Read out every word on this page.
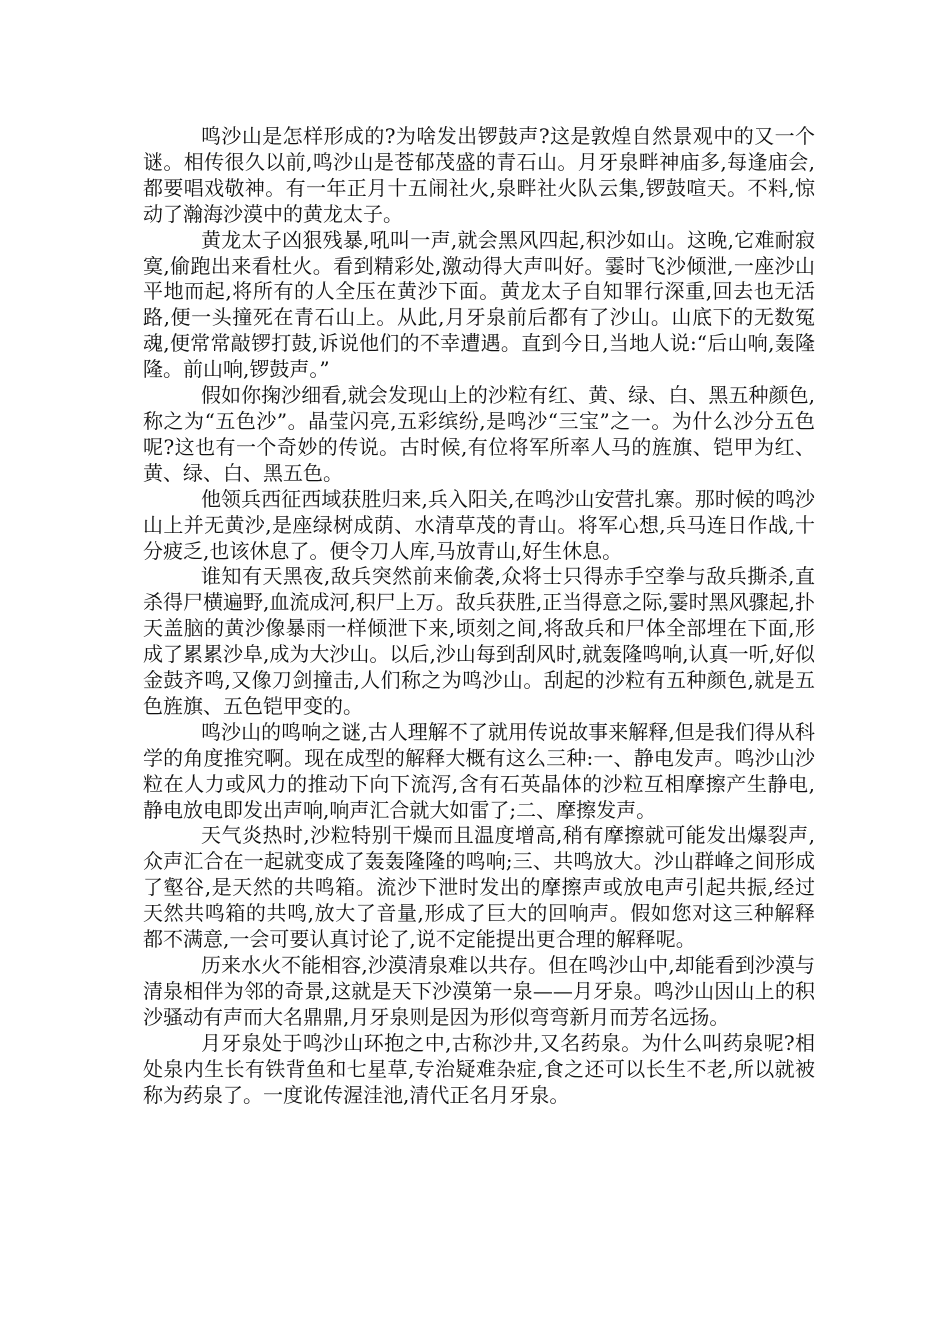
鸣沙山是怎样形成的?为啥发出锣鼓声?这是敦煌自然景观中的又一个谜。相传很久以前,鸣沙山是苍郁茂盛的青石山。月牙泉畔神庙多,每逢庙会,都要唱戏敬神。有一年正月十五闹社火,泉畔社火队云集,锣鼓喧天。不料,惊动了瀚海沙漠中的黄龙太子。

黄龙太子凶狠残暴,吼叫一声,就会黑风四起,积沙如山。这晚,它难耐寂寞,偷跑出来看杜火。看到精彩处,激动得大声叫好。霎时飞沙倾泄,一座沙山平地而起,将所有的人全压在黄沙下面。黄龙太子自知罪行深重,回去也无活路,便一头撞死在青石山上。从此,月牙泉前后都有了沙山。山底下的无数冤魂,便常常敲锣打鼓,诉说他们的不幸遭遇。直到今日,当地人说:“后山响,轰隆隆。前山响,锣鼓声。”

假如你掬沙细看,就会发现山上的沙粒有红、黄、绿、白、黑五种颜色,称之为“五色沙”。晶莹闪亮,五彩缤纷,是鸣沙“三宝”之一。为什么沙分五色呢?这也有一个奇妙的传说。古时候,有位将军所率人马的旌旗、铠甲为红、黄、绿、白、黑五色。

他领兵西征西域获胜归来,兵入阳关,在鸣沙山安营扎寨。那时候的鸣沙山上并无黄沙,是座绿树成荫、水清草茂的青山。将军心想,兵马连日作战,十分疲乏,也该休息了。便令刀人库,马放青山,好生休息。

谁知有天黑夜,敌兵突然前来偷袭,众将士只得赤手空拳与敌兵撕杀,直杀得尸横遍野,血流成河,积尸上万。敌兵获胜,正当得意之际,霎时黑风骤起,扑天盖脑的黄沙像暴雨一样倾泄下来,顷刻之间,将敌兵和尸体全部埋在下面,形成了累累沙阜,成为大沙山。以后,沙山每到刮风时,就轰隆鸣响,认真一听,好似金鼓齐鸣,又像刀剑撞击,人们称之为鸣沙山。刮起的沙粒有五种颜色,就是五色旌旗、五色铠甲变的。

鸣沙山的鸣响之谜,古人理解不了就用传说故事来解释,但是我们得从科学的角度推究啊。现在成型的解释大概有这么三种:一、静电发声。鸣沙山沙粒在人力或风力的推动下向下流泻,含有石英晶体的沙粒互相摩擦产生静电,静电放电即发出声响,响声汇合就大如雷了;二、摩擦发声。

天气炎热时,沙粒特别干燥而且温度增高,稍有摩擦就可能发出爆裂声,众声汇合在一起就变成了轰轰隆隆的鸣响;三、共鸣放大。沙山群峰之间形成了壑谷,是天然的共鸣箱。流沙下泄时发出的摩擦声或放电声引起共振,经过天然共鸣箱的共鸣,放大了音量,形成了巨大的回响声。假如您对这三种解释都不满意,一会可要认真讨论了,说不定能提出更合理的解释呢。

历来水火不能相容,沙漠清泉难以共存。但在鸣沙山中,却能看到沙漠与清泉相伴为邻的奇景,这就是天下沙漠第一泉——月牙泉。鸣沙山因山上的积沙骚动有声而大名鼎鼎,月牙泉则是因为形似弯弯新月而芳名远扬。

月牙泉处于鸣沙山环抱之中,古称沙井,又名药泉。为什么叫药泉呢?相处泉内生长有铁背鱼和七星草,专治疑难杂症,食之还可以长生不老,所以就被称为药泉了。一度讹传渥洼池,清代正名月牙泉。
